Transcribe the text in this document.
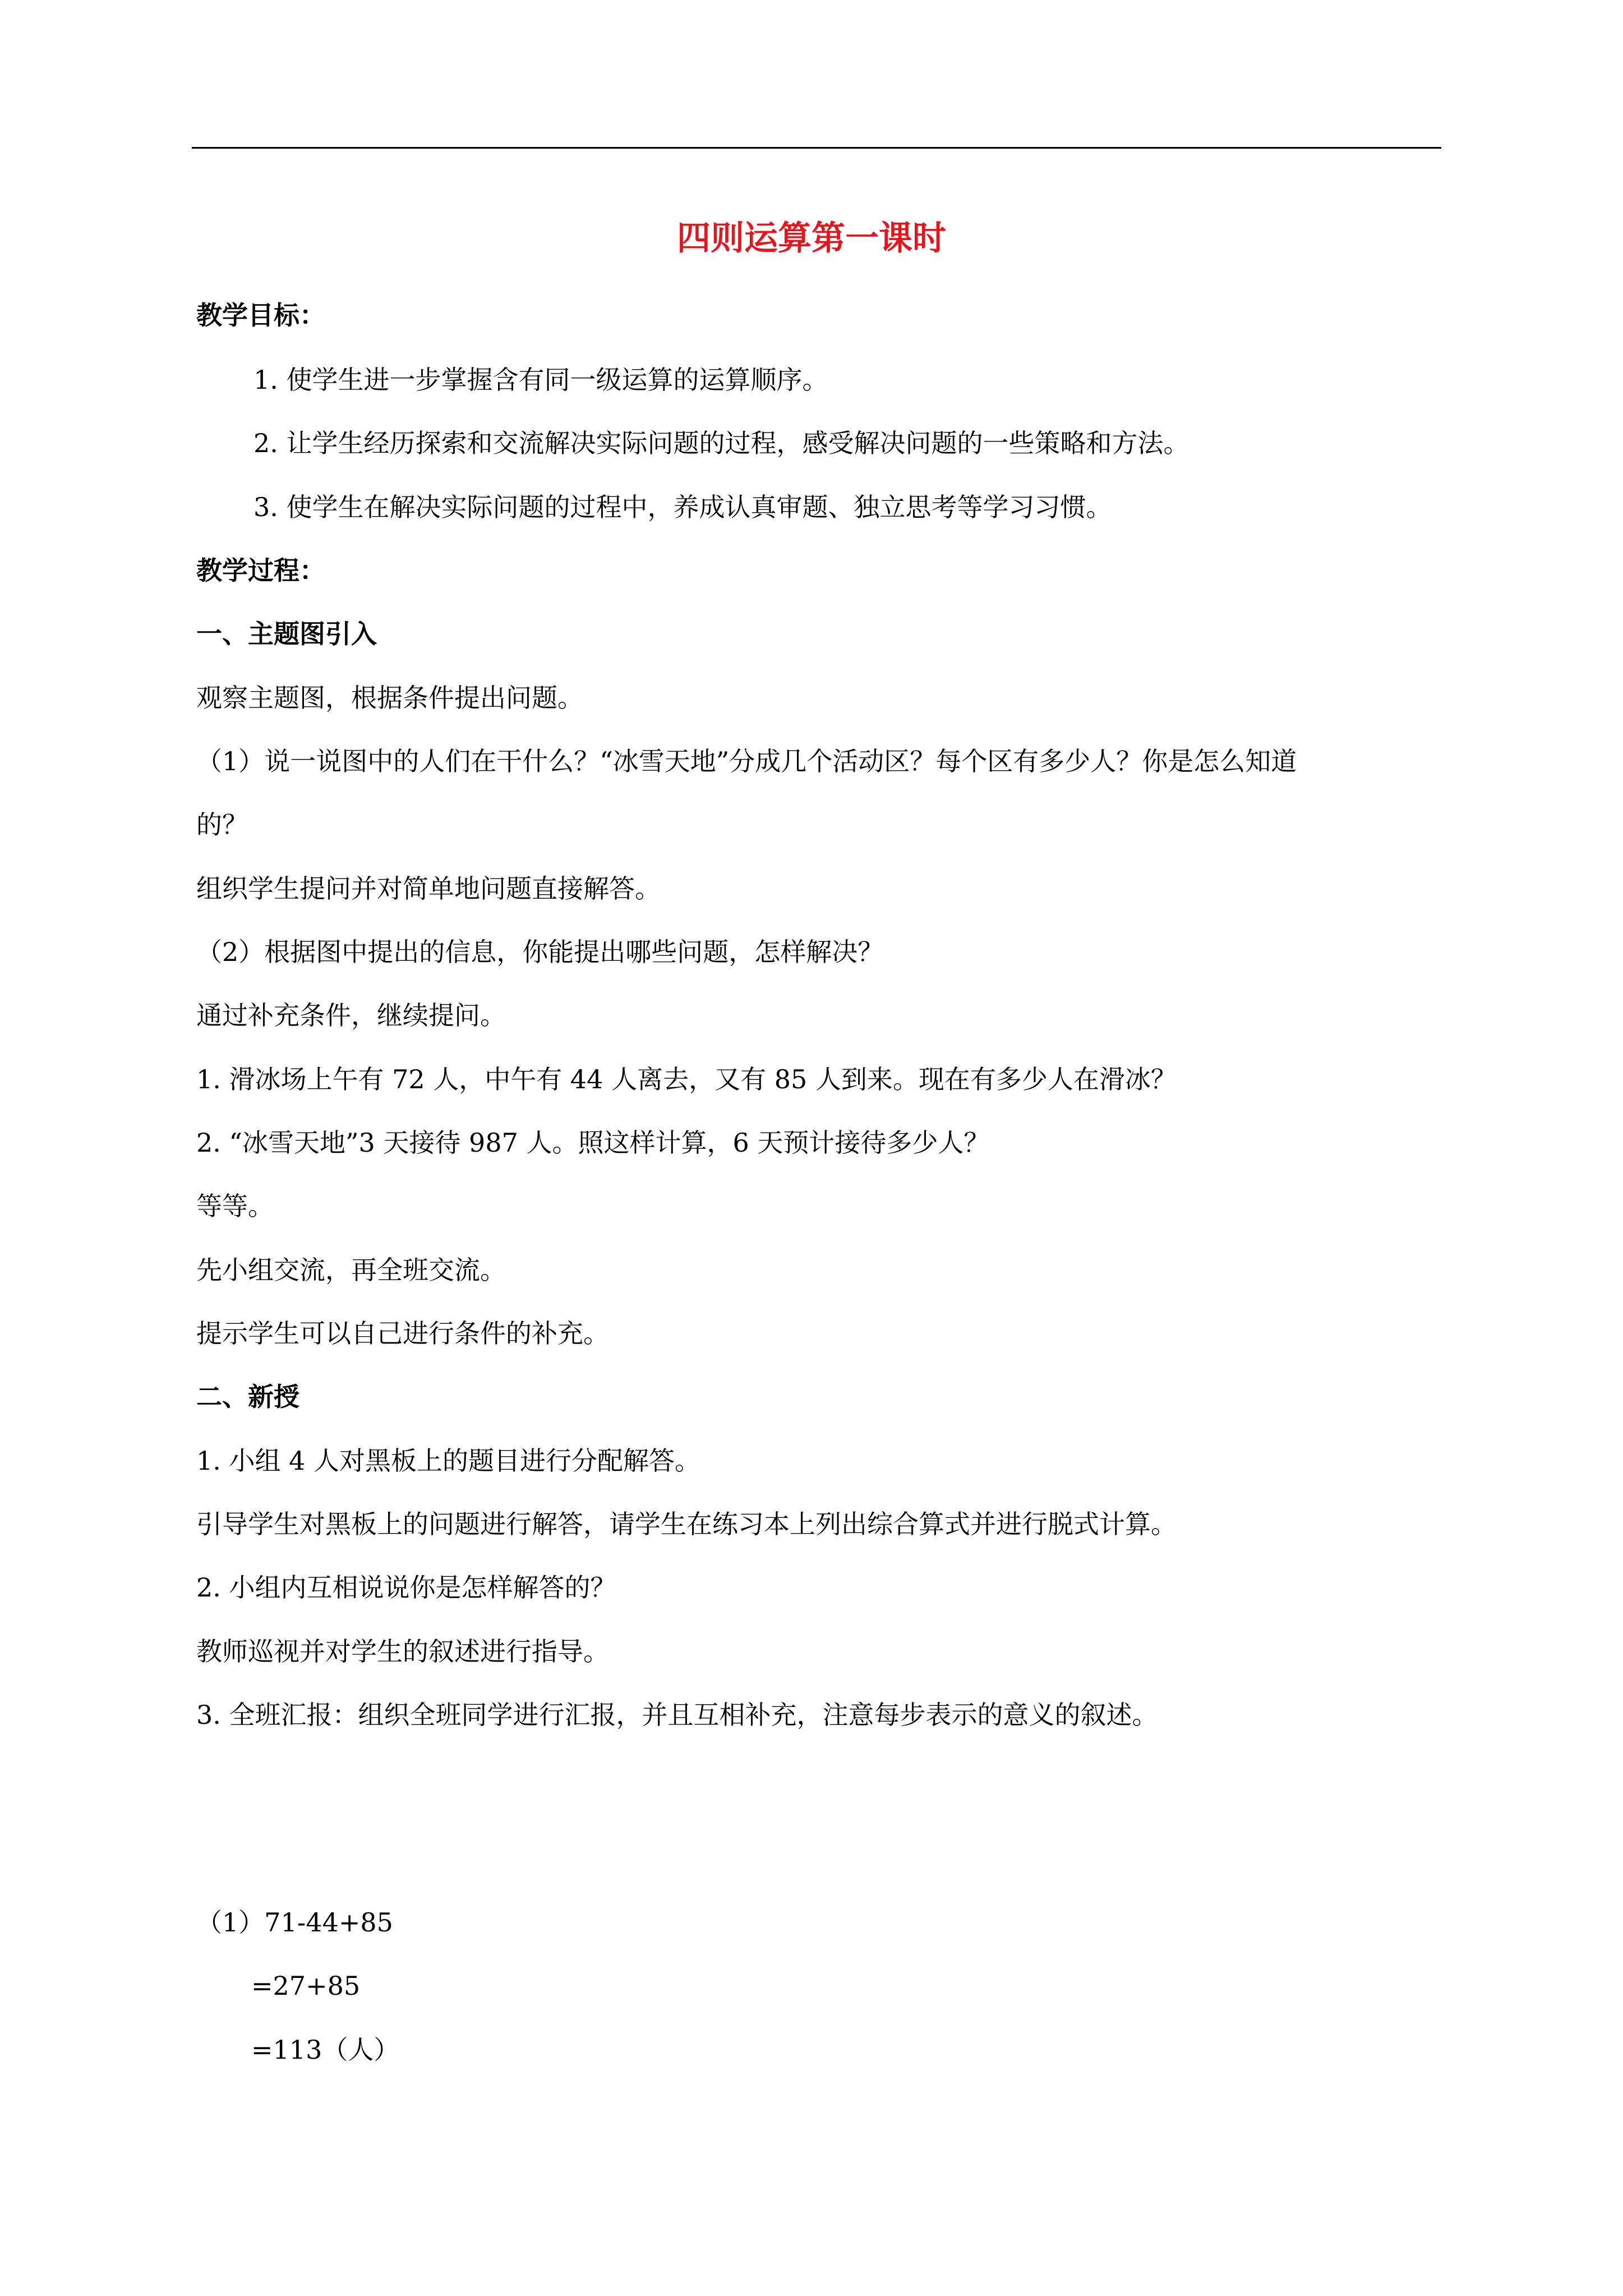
四则运算第一课时
教学目标：
1. 使学生进一步掌握含有同一级运算的运算顺序。
2. 让学生经历探索和交流解决实际问题的过程，感受解决问题的一些策略和方法。
3. 使学生在解决实际问题的过程中，养成认真审题、独立思考等学习习惯。
教学过程：
一、主题图引入
观察主题图，根据条件提出问题。
（1）说一说图中的人们在干什么？“冰雪天地”分成几个活动区？每个区有多少人？你是怎么知道
的？
组织学生提问并对简单地问题直接解答。
（2）根据图中提出的信息，你能提出哪些问题，怎样解决？
通过补充条件，继续提问。
1. 滑冰场上午有 72 人，中午有 44 人离去，又有 85 人到来。现在有多少人在滑冰？
2. “冰雪天地”3 天接待 987 人。照这样计算，6 天预计接待多少人？
等等。
先小组交流，再全班交流。
提示学生可以自己进行条件的补充。
二、新授
1. 小组 4 人对黑板上的题目进行分配解答。
引导学生对黑板上的问题进行解答，请学生在练习本上列出综合算式并进行脱式计算。
2. 小组内互相说说你是怎样解答的？
教师巡视并对学生的叙述进行指导。
3. 全班汇报：组织全班同学进行汇报，并且互相补充，注意每步表示的意义的叙述。
（1）71-44+85
=27+85
=113（人）
